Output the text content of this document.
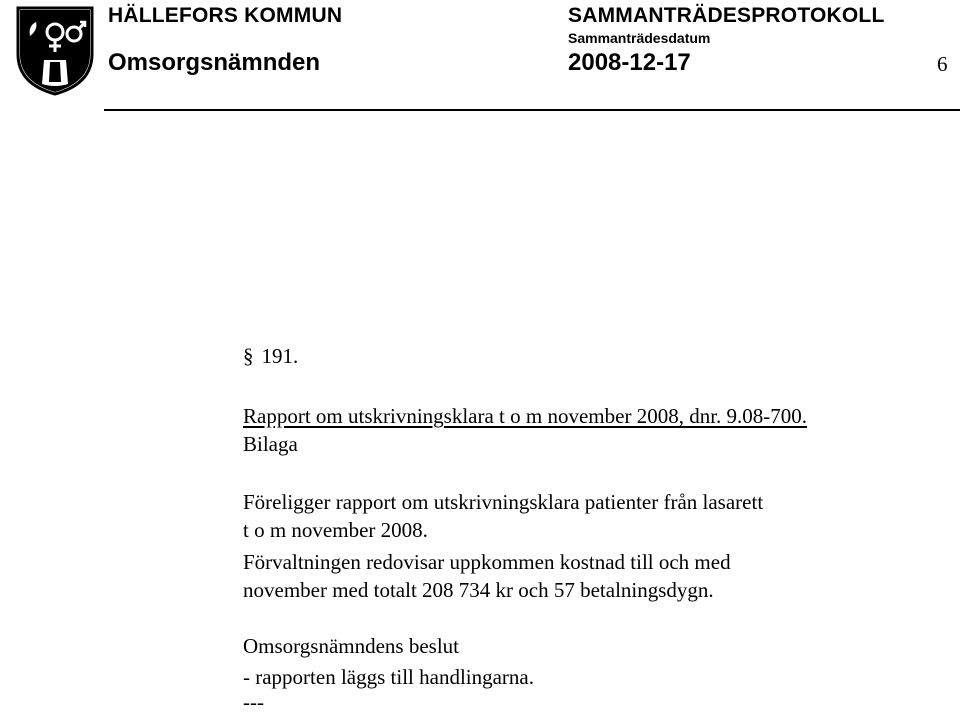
HÄLLEFORS KOMMUN
Omsorgsnämnden
SAMMANTRÄDESPROTOKOLL
Sammanträdesdatum
2008-12-17	6
§ 191.
Rapport om utskrivningsklara t o m november 2008, dnr. 9.08-700.
Bilaga
Föreligger rapport om utskrivningsklara patienter från lasarett
t o m november 2008.
Förvaltningen redovisar uppkommen kostnad till och med
november med totalt 208 734 kr och 57 betalningsdygn.
Omsorgsnämndens beslut
- rapporten läggs till handlingarna.
---
